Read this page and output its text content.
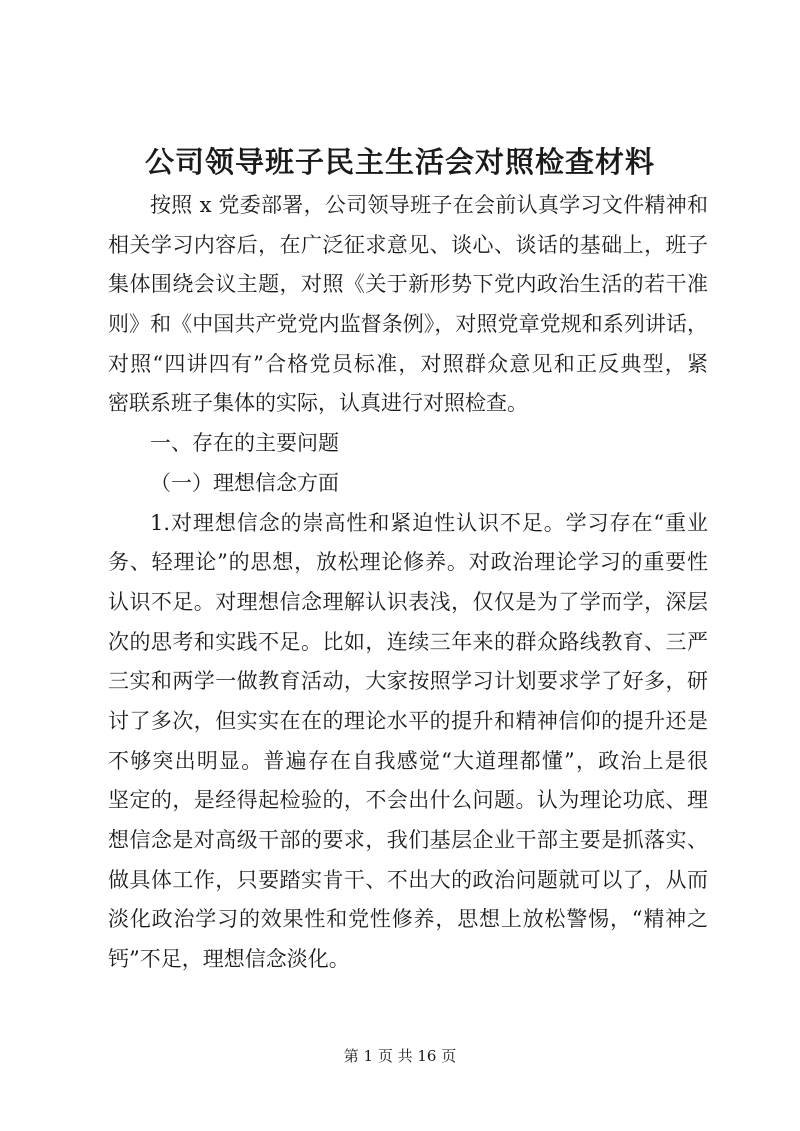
公司领导班子民主生活会对照检查材料

按照 x 党委部署，公司领导班子在会前认真学习文件精神和

相关学习内容后，在广泛征求意见、谈心、谈话的基础上，班子

集体围绕会议主题，对照《关于新形势下党内政治生活的若干准

则》和《中国共产党党内监督条例》，对照党章党规和系列讲话，

对照“四讲四有”合格党员标准，对照群众意见和正反典型，紧

密联系班子集体的实际，认真进行对照检查。

一、存在的主要问题

（一）理想信念方面

1.对理想信念的崇高性和紧迫性认识不足。学习存在“重业

务、轻理论”的思想，放松理论修养。对政治理论学习的重要性

认识不足。对理想信念理解认识表浅，仅仅是为了学而学，深层

次的思考和实践不足。比如，连续三年来的群众路线教育、三严

三实和两学一做教育活动，大家按照学习计划要求学了好多，研

讨了多次，但实实在在的理论水平的提升和精神信仰的提升还是

不够突出明显。普遍存在自我感觉“大道理都懂”，政治上是很

坚定的，是经得起检验的，不会出什么问题。认为理论功底、理

想信念是对高级干部的要求，我们基层企业干部主要是抓落实、

做具体工作，只要踏实肯干、不出大的政治问题就可以了，从而

淡化政治学习的效果性和党性修养，思想上放松警惕，“精神之

钙”不足，理想信念淡化。

第 1 页 共 16 页
